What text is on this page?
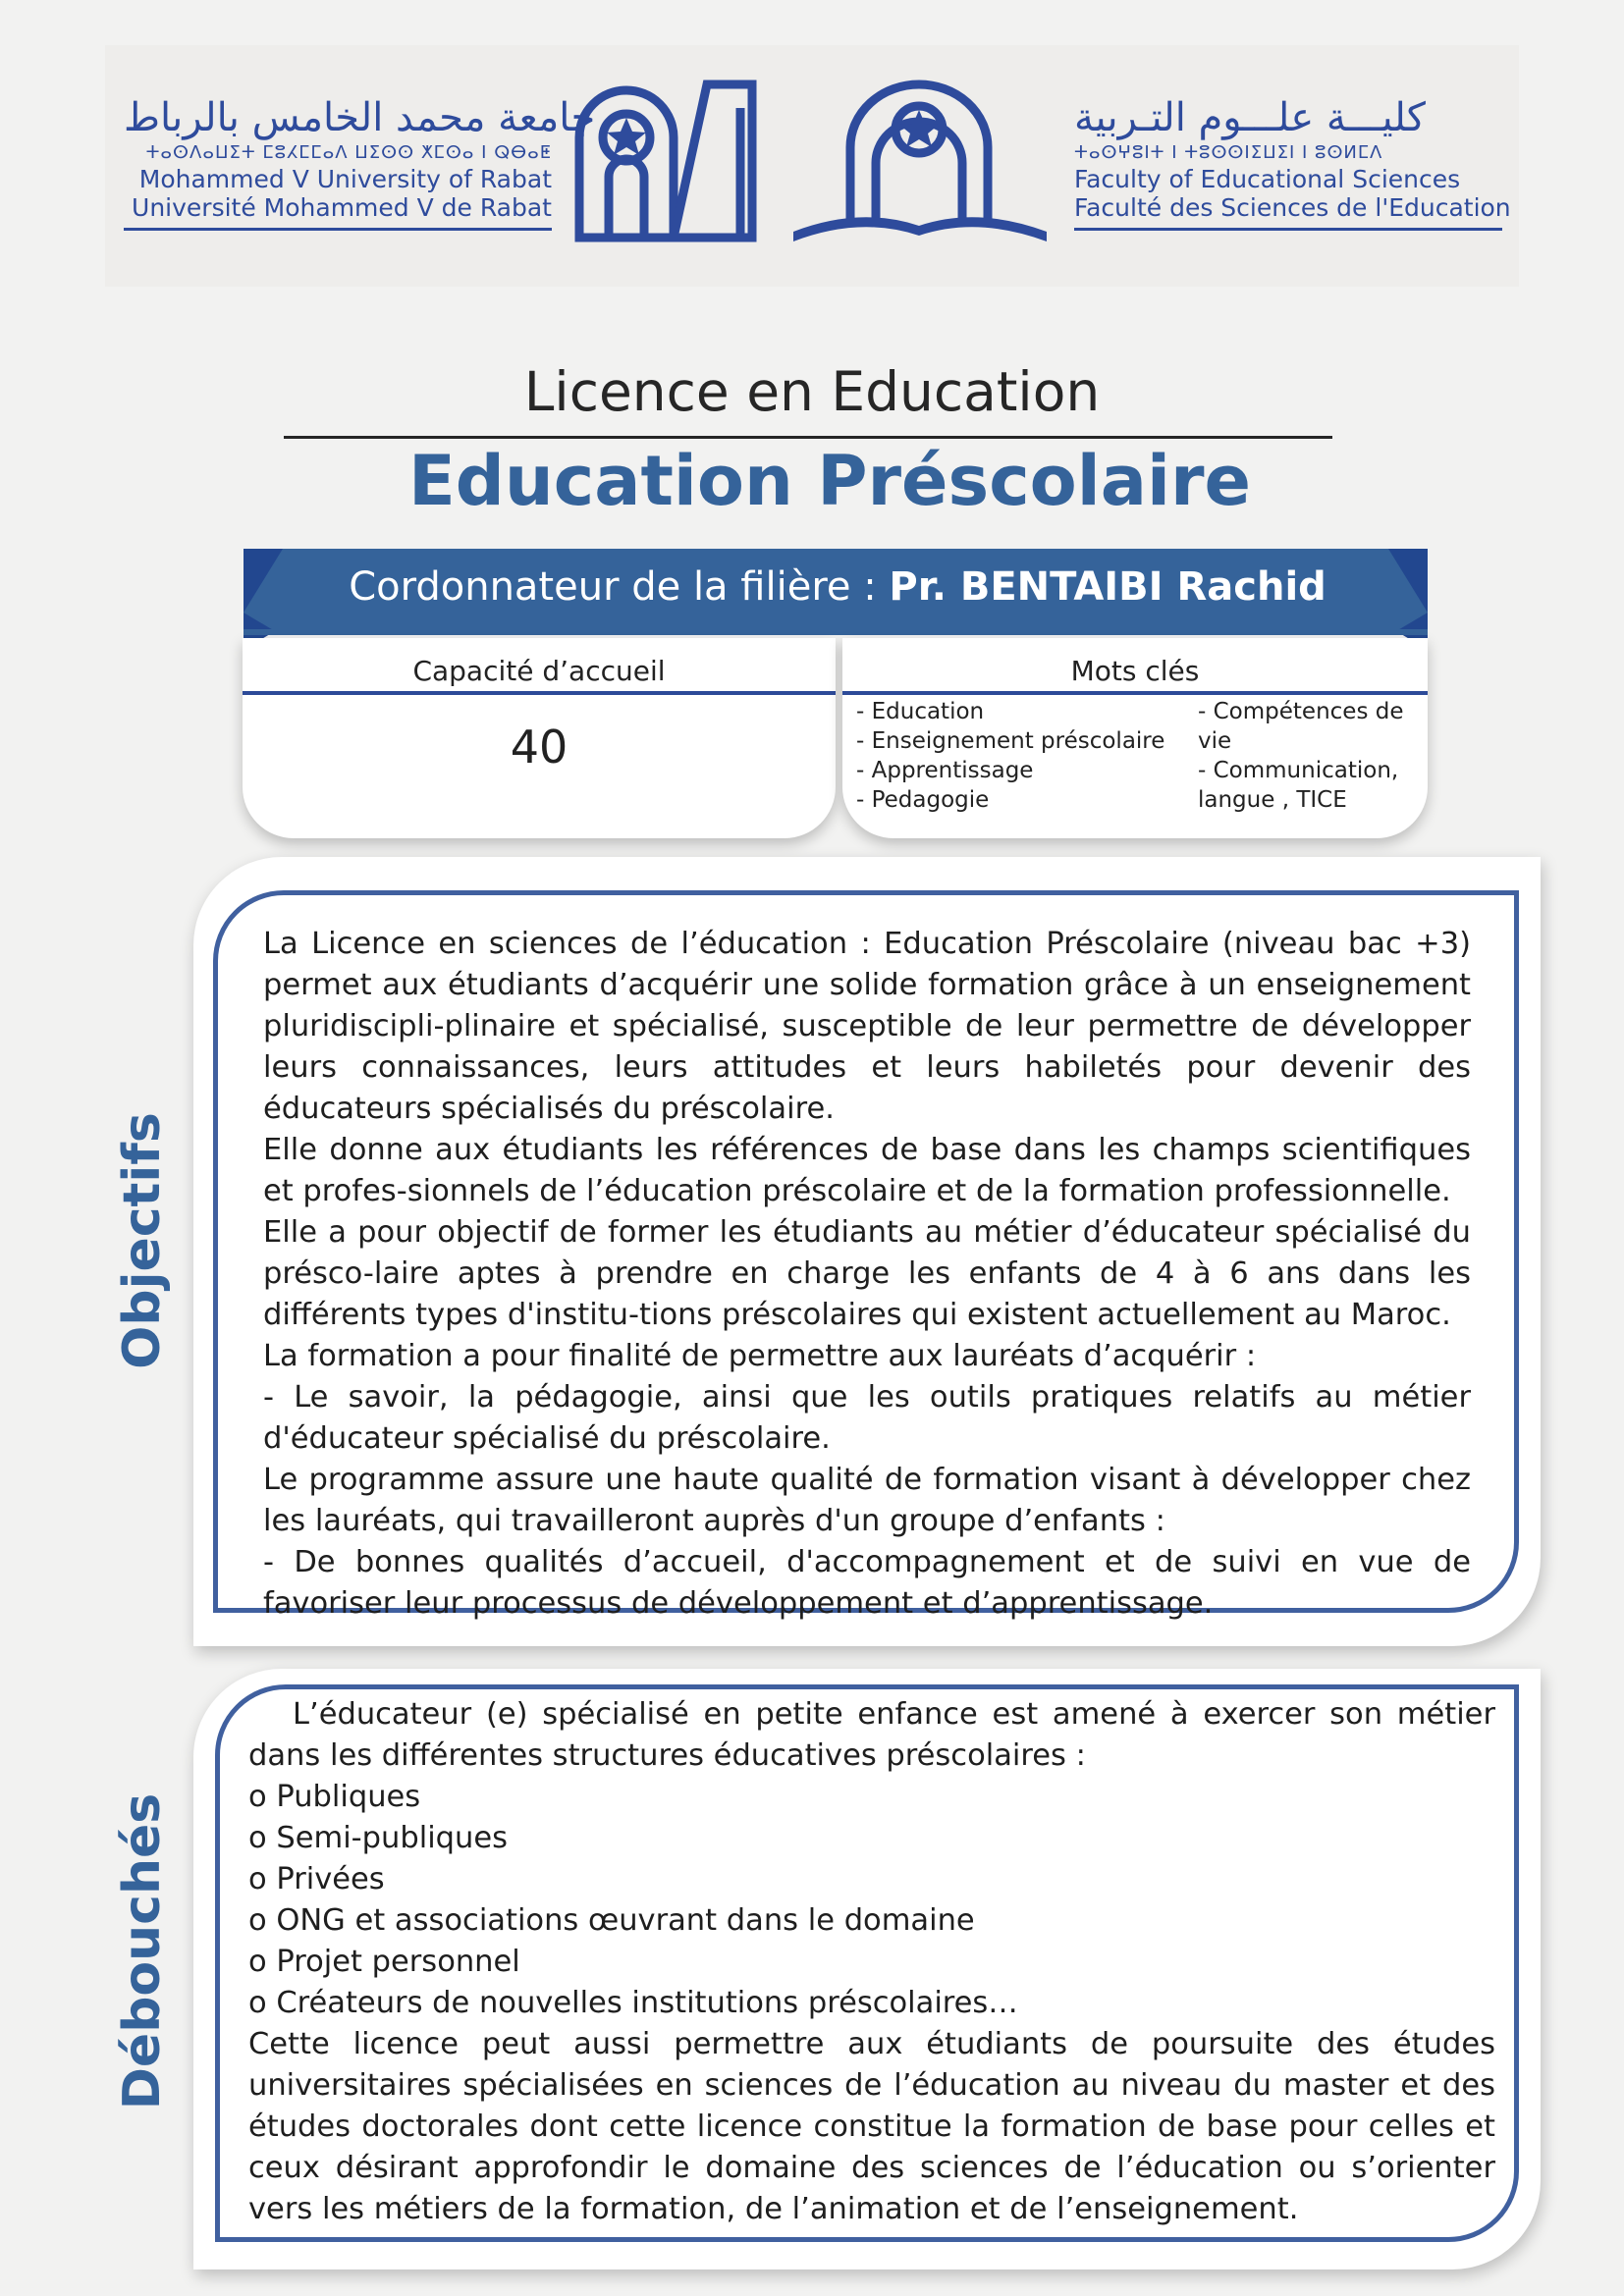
جامعة محمد الخامس بالرباط
ⵜⴰⵙⴷⴰⵡⵉⵜ ⵎⵓⵃⵎⵎⴰⴷ ⵡⵉⵙⵙ ⵅⵎⵙⴰ ⵏ ⵕⴱⴰⵟ
Mohammed V University of Rabat
Université Mohammed V de Rabat
كليـــة علـــوم التـربية
ⵜⴰⵙⵖⵓⵏⵜ ⵏ ⵜⵓⵙⵙⵏⵉⵡⵉⵏ ⵏ ⵓⵙⵍⵎⴷ
Faculty of Educational Sciences
Faculté des Sciences de l'Education
Licence en Education
Education Préscolaire
Cordonnateur de la filière : Pr. BENTAIBI Rachid
Capacité d’accueil
40
Mots clés
- Education
- Enseignement préscolaire
- Apprentissage
- Pedagogie
- Compétences de vie
- Communication, langue , TICE
Objectifs

La Licence en sciences de l’éducation : Education Préscolaire (niveau bac +3) permet aux étudiants d’acquérir une solide formation grâce à un enseignement pluridiscipli-plinaire et spécialisé, susceptible de leur permettre de développer leurs connaissances, leurs attitudes et leurs habiletés pour devenir des éducateurs spécialisés du préscolaire.

Elle donne aux étudiants les références de base dans les champs scientifiques et profes-sionnels de l’éducation préscolaire et de la formation professionnelle.

Elle a pour objectif de former les étudiants au métier d’éducateur spécialisé du présco-laire aptes à prendre en charge les enfants de 4 à 6 ans dans les différents types d'institu-tions préscolaires qui existent actuellement au Maroc.

La formation a pour finalité de permettre aux lauréats d’acquérir :

- Le savoir, la pédagogie, ainsi que les outils pratiques relatifs au métier d'éducateur spécialisé du préscolaire.

Le programme assure une haute qualité de formation visant à développer chez les lauréats, qui travailleront auprès d'un groupe d’enfants :

- De bonnes qualités d’accueil, d'accompagnement et de suivi en vue de favoriser leur processus de développement et d’apprentissage.

Débouchés

L’éducateur (e) spécialisé en petite enfance est amené à exercer son métier dans les différentes structures éducatives préscolaires :

o Publiques

o Semi-publiques

o Privées

o ONG et associations œuvrant dans le domaine

o Projet personnel

o Créateurs de nouvelles institutions préscolaires…

Cette licence peut aussi permettre aux étudiants de poursuite des études universitaires spécialisées en sciences de l’éducation au niveau du master et des études doctorales dont cette licence constitue la formation de base pour celles et ceux désirant approfondir le domaine des sciences de l’éducation ou s’orienter vers les métiers de la formation, de l’animation et de l’enseignement.
